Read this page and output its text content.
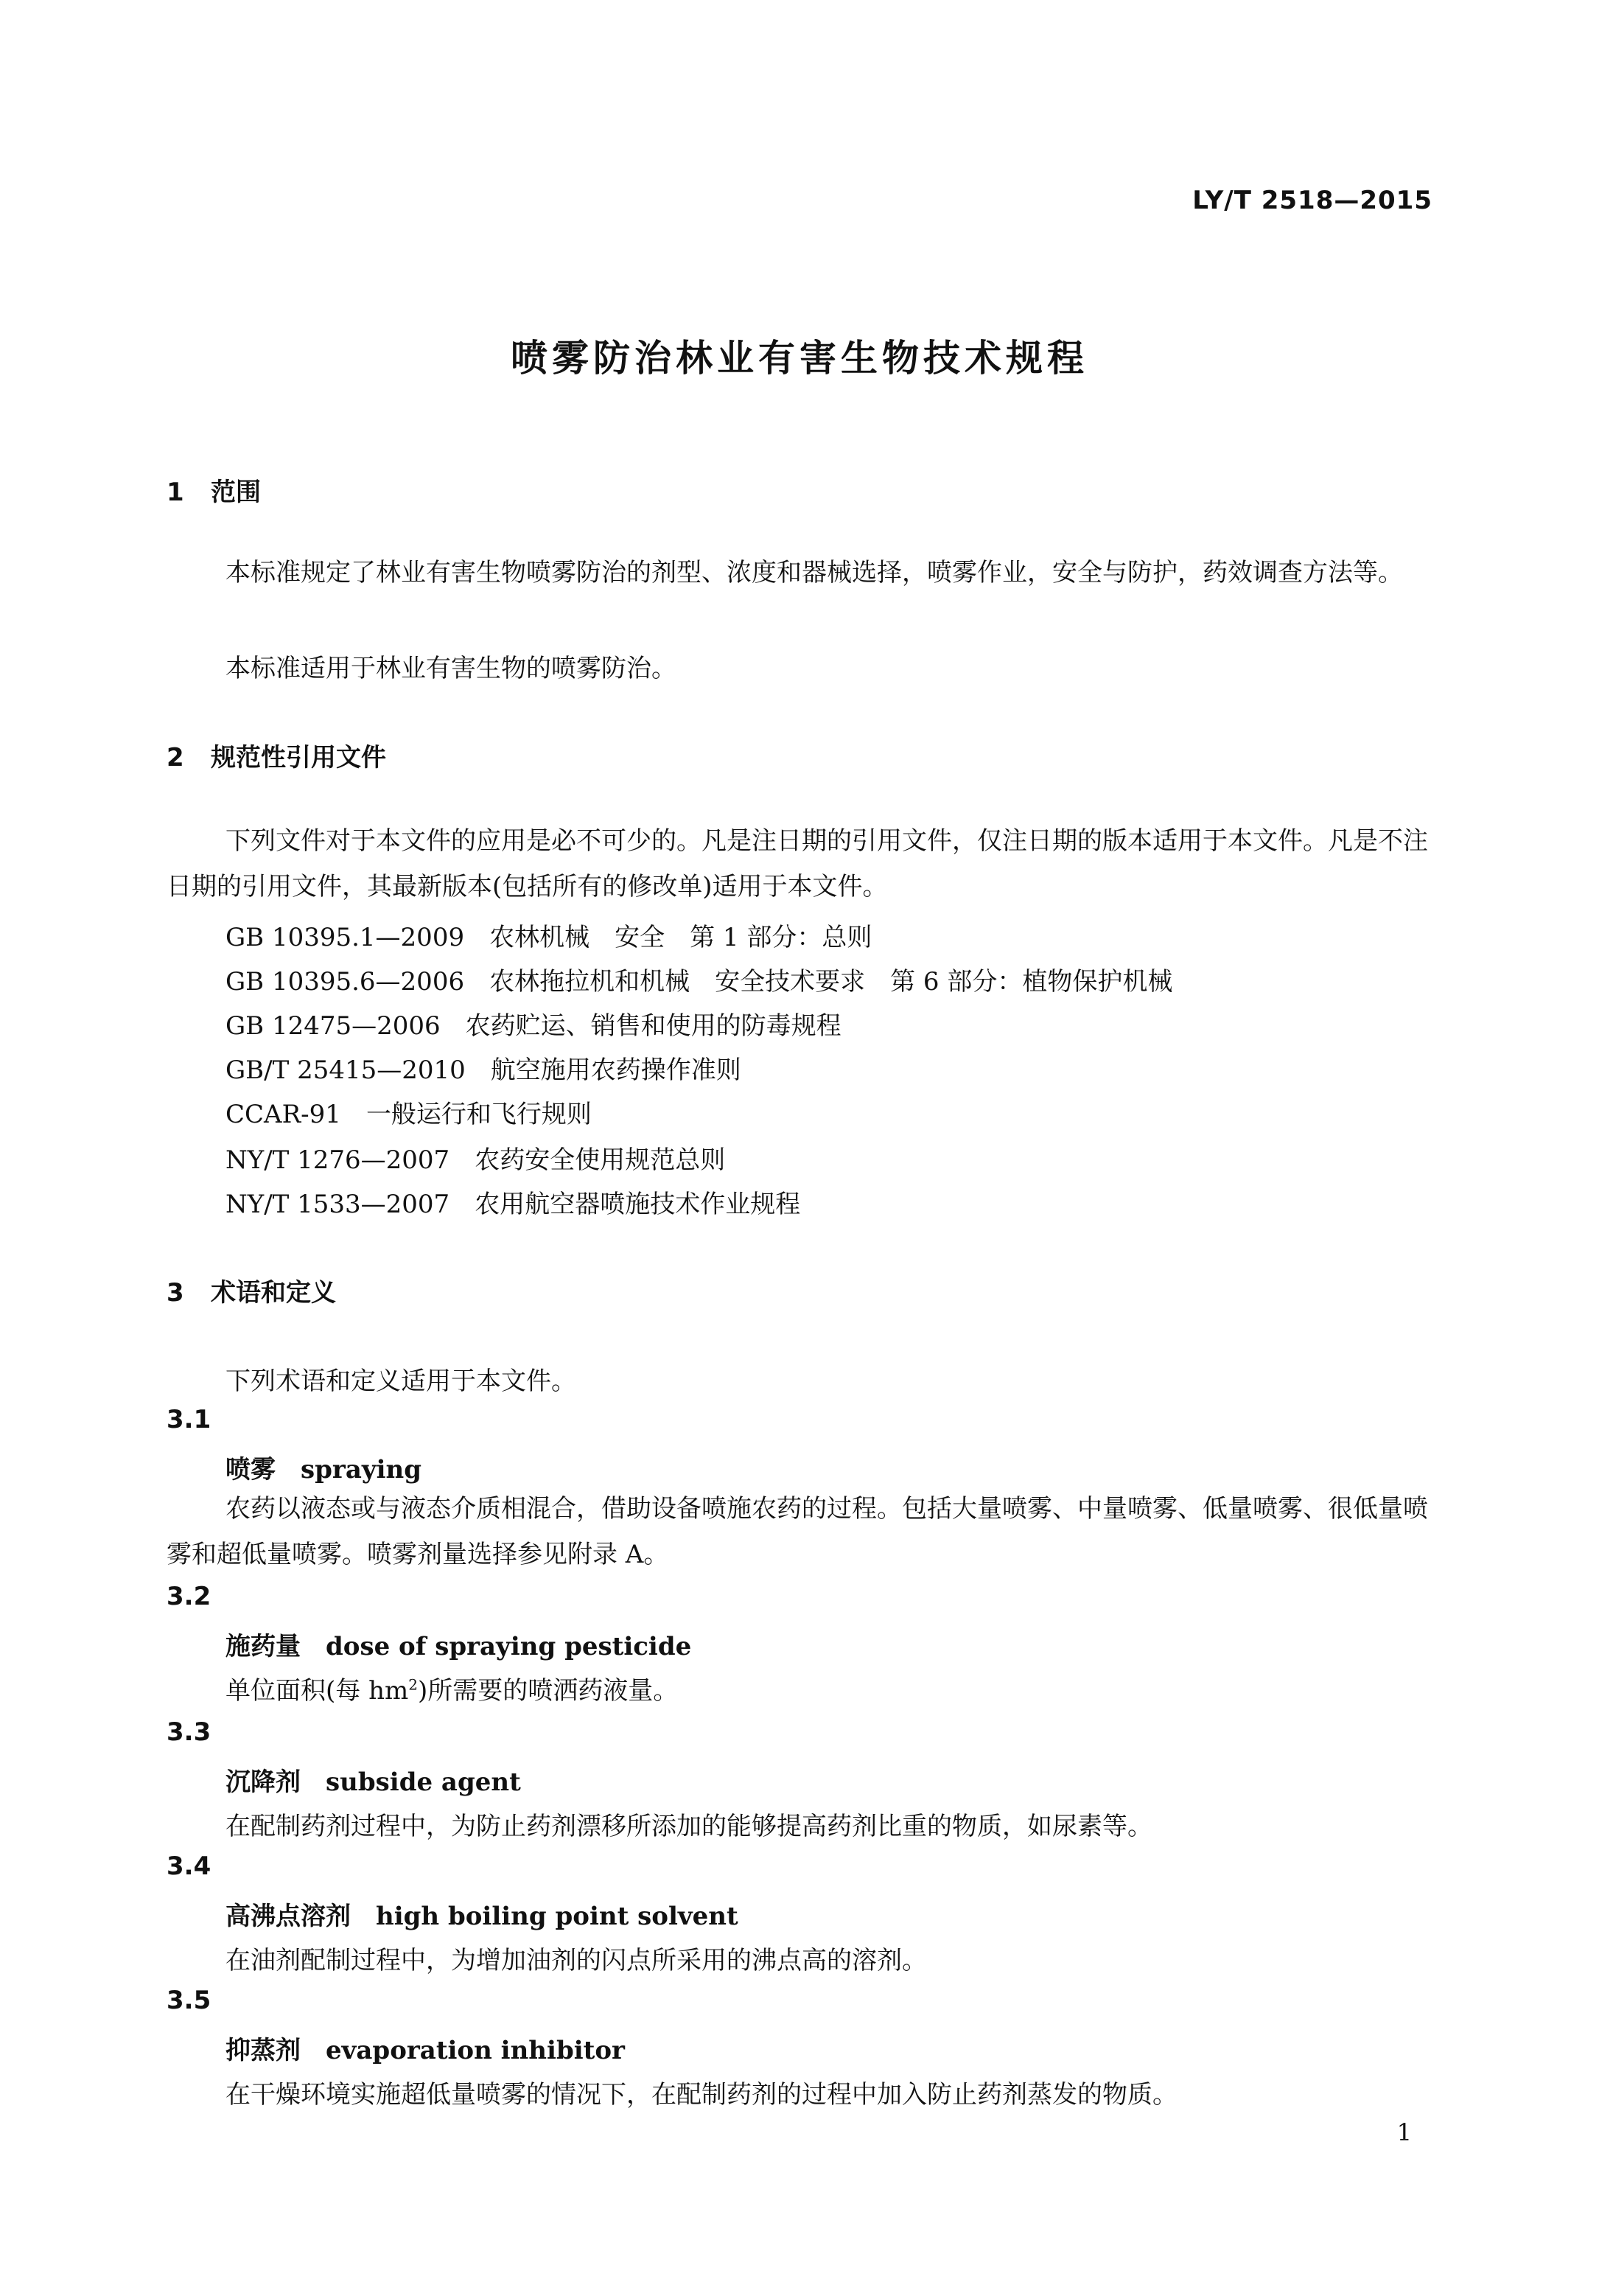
LY/T 2518—2015
喷雾防治林业有害生物技术规程
1 范围
本标准规定了林业有害生物喷雾防治的剂型、浓度和器械选择，喷雾作业，安全与防护，药效调查方法等。
本标准适用于林业有害生物的喷雾防治。
2 规范性引用文件
下列文件对于本文件的应用是必不可少的。凡是注日期的引用文件，仅注日期的版本适用于本文件。凡是不注日期的引用文件，其最新版本(包括所有的修改单)适用于本文件。
GB 10395.1—2009 农林机械　安全　第 1 部分：总则
GB 10395.6—2006 农林拖拉机和机械　安全技术要求　第 6 部分：植物保护机械
GB 12475—2006 农药贮运、销售和使用的防毒规程
GB/T 25415—2010 航空施用农药操作准则
CCAR-91 一般运行和飞行规则
NY/T 1276—2007 农药安全使用规范总则
NY/T 1533—2007 农用航空器喷施技术作业规程
3 术语和定义
下列术语和定义适用于本文件。
3.1
喷雾 spraying
农药以液态或与液态介质相混合，借助设备喷施农药的过程。包括大量喷雾、中量喷雾、低量喷雾、很低量喷雾和超低量喷雾。喷雾剂量选择参见附录 A。
3.2
施药量 dose of spraying pesticide
单位面积(每 $hm^2$)所需要的喷洒药液量。
3.3
沉降剂 subside agent
在配制药剂过程中，为防止药剂漂移所添加的能够提高药剂比重的物质，如尿素等。
3.4
高沸点溶剂 high boiling point solvent
在油剂配制过程中，为增加油剂的闪点所采用的沸点高的溶剂。
3.5
抑蒸剂 evaporation inhibitor
在干燥环境实施超低量喷雾的情况下，在配制药剂的过程中加入防止药剂蒸发的物质。
1
